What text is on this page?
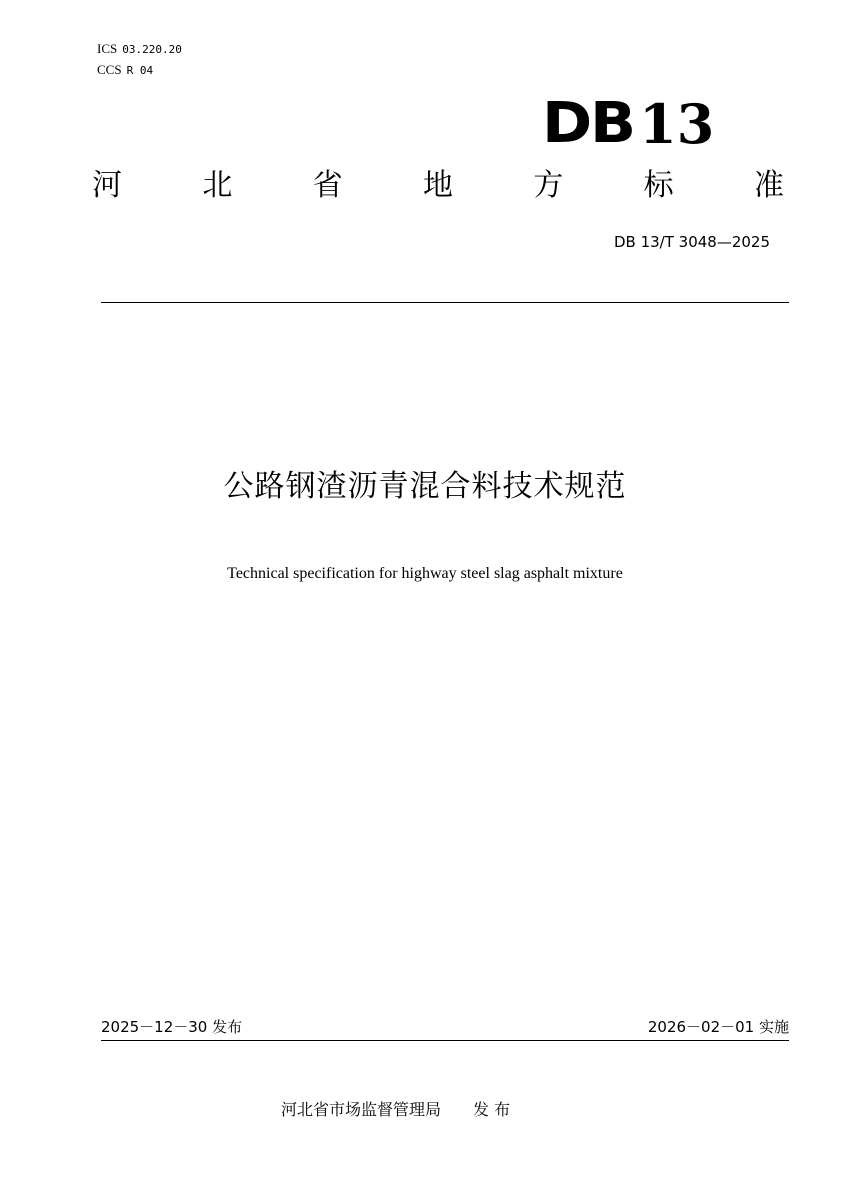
ICS 03.220.20
CCS R 04
DB 13
河	北	省	地	方	标	准
DB 13/T 3048—2025
公路钢渣沥青混合料技术规范
Technical specification for highway steel slag asphalt mixture
2025－12－30 发布	2026－02－01 实施
河北省市场监督管理局 发 布
